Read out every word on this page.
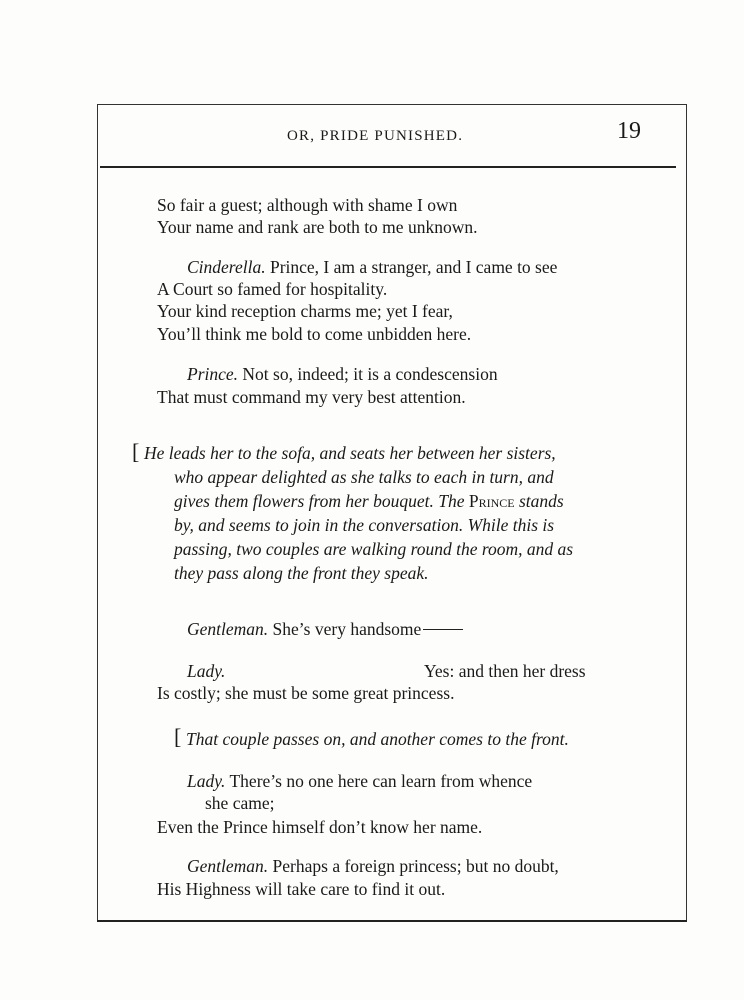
OR, PRIDE PUNISHED.	19
So fair a guest; although with shame I own
Your name and rank are both to me unknown.
Cinderella. Prince, I am a stranger, and I came to see
A Court so famed for hospitality.
Your kind reception charms me; yet I fear,
You’ll think me bold to come unbidden here.
Prince. Not so, indeed; it is a condescension
That must command my very best attention.
[ He leads her to the sofa, and seats her between her sisters,
who appear delighted as she talks to each in turn, and
gives them flowers from her bouquet. The Prince stands
by, and seems to join in the conversation. While this is
passing, two couples are walking round the room, and as
they pass along the front they speak.
Gentleman. She’s very handsome
Lady.	Yes: and then her dress
Is costly; she must be some great princess.
[ That couple passes on, and another comes to the front.
Lady. There’s no one here can learn from whence
she came;
Even the Prince himself don’t know her name.
Gentleman. Perhaps a foreign princess; but no doubt,
His Highness will take care to find it out.
